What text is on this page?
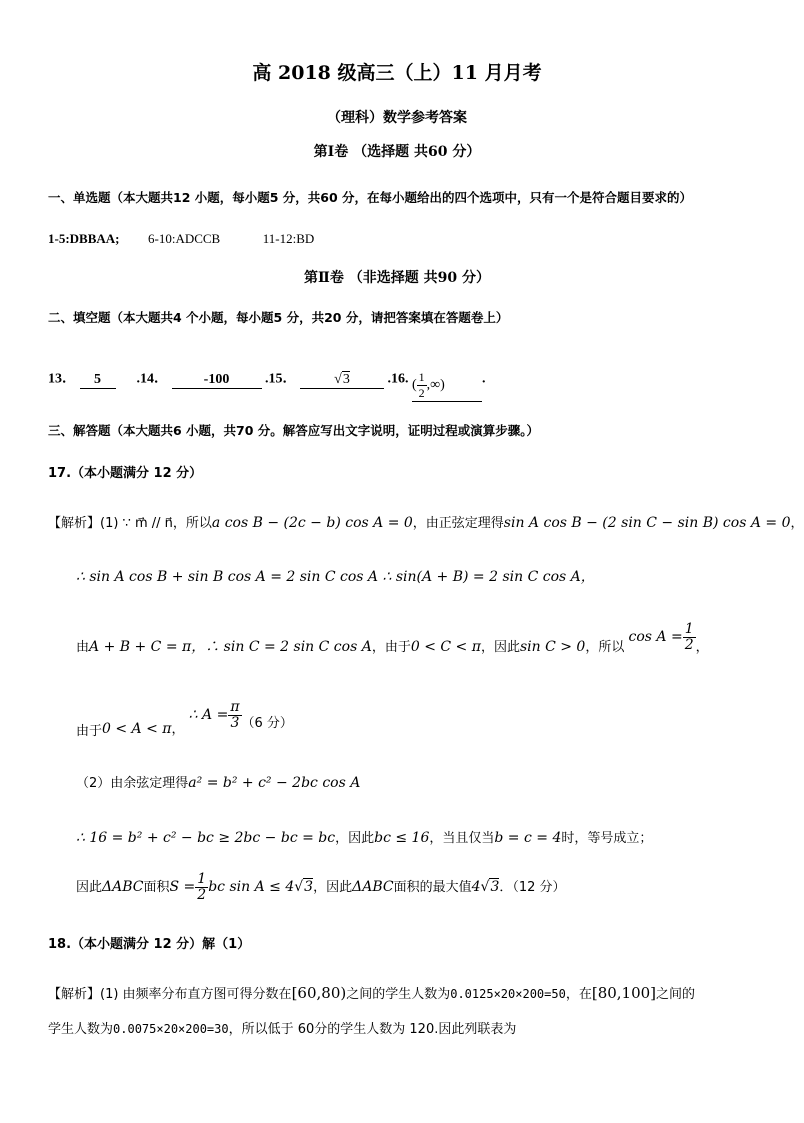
高 2018 级高三（上）11 月月考
（理科）数学参考答案
第Ⅰ卷 （选择题 共60 分）
一、单选题（本大题共12 小题，每小题5 分，共60 分，在每小题给出的四个选项中，只有一个是符合题目要求的）
1-5:DBBAA; 6-10:ADCCB	11-12:BD
第Ⅱ卷 （非选择题 共90 分）
二、填空题（本大题共4 个小题，每小题5 分，共20 分，请把答案填在答题卷上）
13． 5	.14．	-100	.15．	√3	.16. ( $\frac{1}{2}$ ,∞)	.
三、解答题（本大题共6 小题，共70 分。解答应写出文字说明，证明过程或演算步骤。）
17.（本小题满分 12 分）
【解析】(1) ∵ m⃗ // n⃗，所以a cos B − (2c − b) cos A = 0，由正弦定理得sin A cos B − (2 sin C − sin B) cos A = 0，
∴ sin A cos B + sin B cos A = 2 sin C cos A ∴ sin(A + B) = 2 sin C cos A，
由A + B + C = π，∴ sin C = 2 sin C cos A，由于0 < C < π，因此sin C > 0，所以 $\cos A = \frac{1}{2}$ ，
由于0 < A < π， ∴ $A = \frac{\pi}{3} (6$ 分）
（2）由余弦定理得a² = b² + c² − 2bc cos A
∴ 16 = b² + c² − bc ≥ 2bc − bc = bc，因此bc ≤ 16，当且仅当b = c = 4时，等号成立；
因此ΔABC面积$S = \frac{1}{2}$ bc sin A ≤ 4√3，因此ΔABC面积的最大值4√3．（12 分）
18.（本小题满分 12 分）解（1）
【解析】(1) 由频率分布直方图可得分数在[60,80)之间的学生人数为0.0125×20×200=50，在[80,100]之间的
学生人数为0.0075×20×200=30，所以低于 60分的学生人数为 120.因此列联表为
